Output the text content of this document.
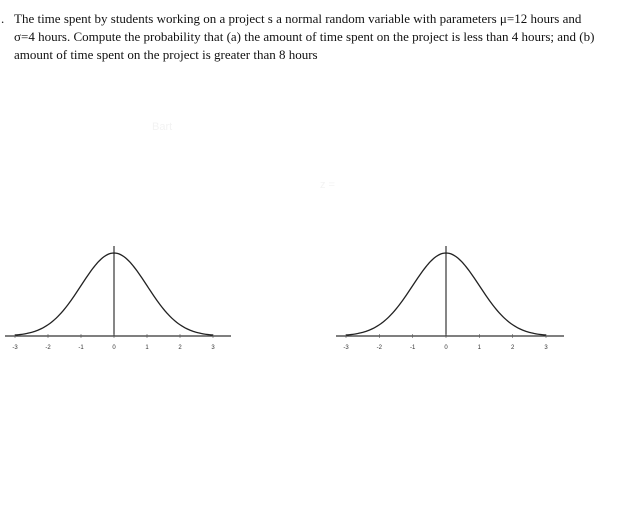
. The time spent by students working on a project s a normal random variable with parameters μ=12 hours and
σ=4 hours. Compute the probability that (a) the amount of time spent on the project is less than 4 hours; and (b)
amount of time spent on the project is greater than 8 hours
Bart
z =
-3	-2	-1	0	1	2	3	-3	-2	-1	0	1	2	3
